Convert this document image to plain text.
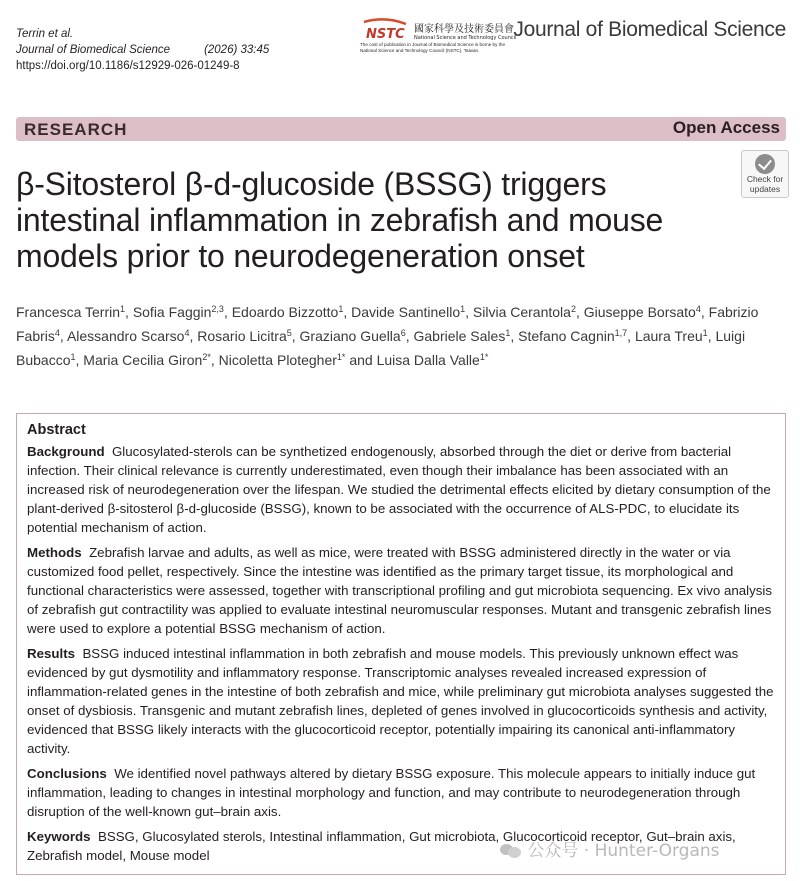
Terrin et al.
Journal of Biomedical Science	(2026) 33:45
https://doi.org/10.1186/s12929-026-01249-8
NSTC 國家科學及技術委員會
National Science and Technology Council
The cost of publication in Journal of Biomedical Science is borne by the National Science and Technology Council (NSTC), Taiwan.
Journal of Biomedical Science
RESEARCH	Open Access
Check for
updates
β-Sitosterol β-d-glucoside (BSSG) triggers intestinal inflammation in zebrafish and mouse models prior to neurodegeneration onset
Francesca Terrin$^1$, Sofia Faggin$^{2,3}$, Edoardo Bizzotto$^1$, Davide Santinello$^1$, Silvia Cerantola$^2$, Giuseppe Borsato$^4$, Fabrizio Fabris$^4$, Alessandro Scarso$^4$, Rosario Licitra$^5$, Graziano Guella$^6$, Gabriele Sales$^1$, Stefano Cagnin$^{1,7}$, Laura Treu$^1$, Luigi Bubacco$^1$, Maria Cecilia Giron$^{2*}$, Nicoletta Plotegher$^{1*}$ and Luisa Dalla Valle$^{1*}$
Abstract

Background Glucosylated-sterols can be synthetized endogenously, absorbed through the diet or derive from bacterial infection. Their clinical relevance is currently underestimated, even though their imbalance has been associated with an increased risk of neurodegeneration over the lifespan. We studied the detrimental effects elicited by dietary consumption of the plant-derived β-sitosterol β-d-glucoside (BSSG), known to be associated with the occurrence of ALS-PDC, to elucidate its potential mechanism of action.

Methods Zebrafish larvae and adults, as well as mice, were treated with BSSG administered directly in the water or via customized food pellet, respectively. Since the intestine was identified as the primary target tissue, its morphological and functional characteristics were assessed, together with transcriptional profiling and gut microbiota sequencing. Ex vivo analysis of zebrafish gut contractility was applied to evaluate intestinal neuromuscular responses. Mutant and transgenic zebrafish lines were used to explore a potential BSSG mechanism of action.

Results BSSG induced intestinal inflammation in both zebrafish and mouse models. This previously unknown effect was evidenced by gut dysmotility and inflammatory response. Transcriptomic analyses revealed increased expression of inflammation-related genes in the intestine of both zebrafish and mice, while preliminary gut microbiota analyses suggested the onset of dysbiosis. Transgenic and mutant zebrafish lines, depleted of genes involved in glucocorticoids synthesis and activity, evidenced that BSSG likely interacts with the glucocorticoid receptor, potentially impairing its canonical anti-inflammatory activity.

Conclusions We identified novel pathways altered by dietary BSSG exposure. This molecule appears to initially induce gut inflammation, leading to changes in intestinal morphology and function, and may contribute to neurodegeneration through disruption of the well-known gut–brain axis.

Keywords BSSG, Glucosylated sterols, Intestinal inflammation, Gut microbiota, Glucocorticoid receptor, Gut–brain axis, Zebrafish model, Mouse model	公众号 · Hunter-Organs
